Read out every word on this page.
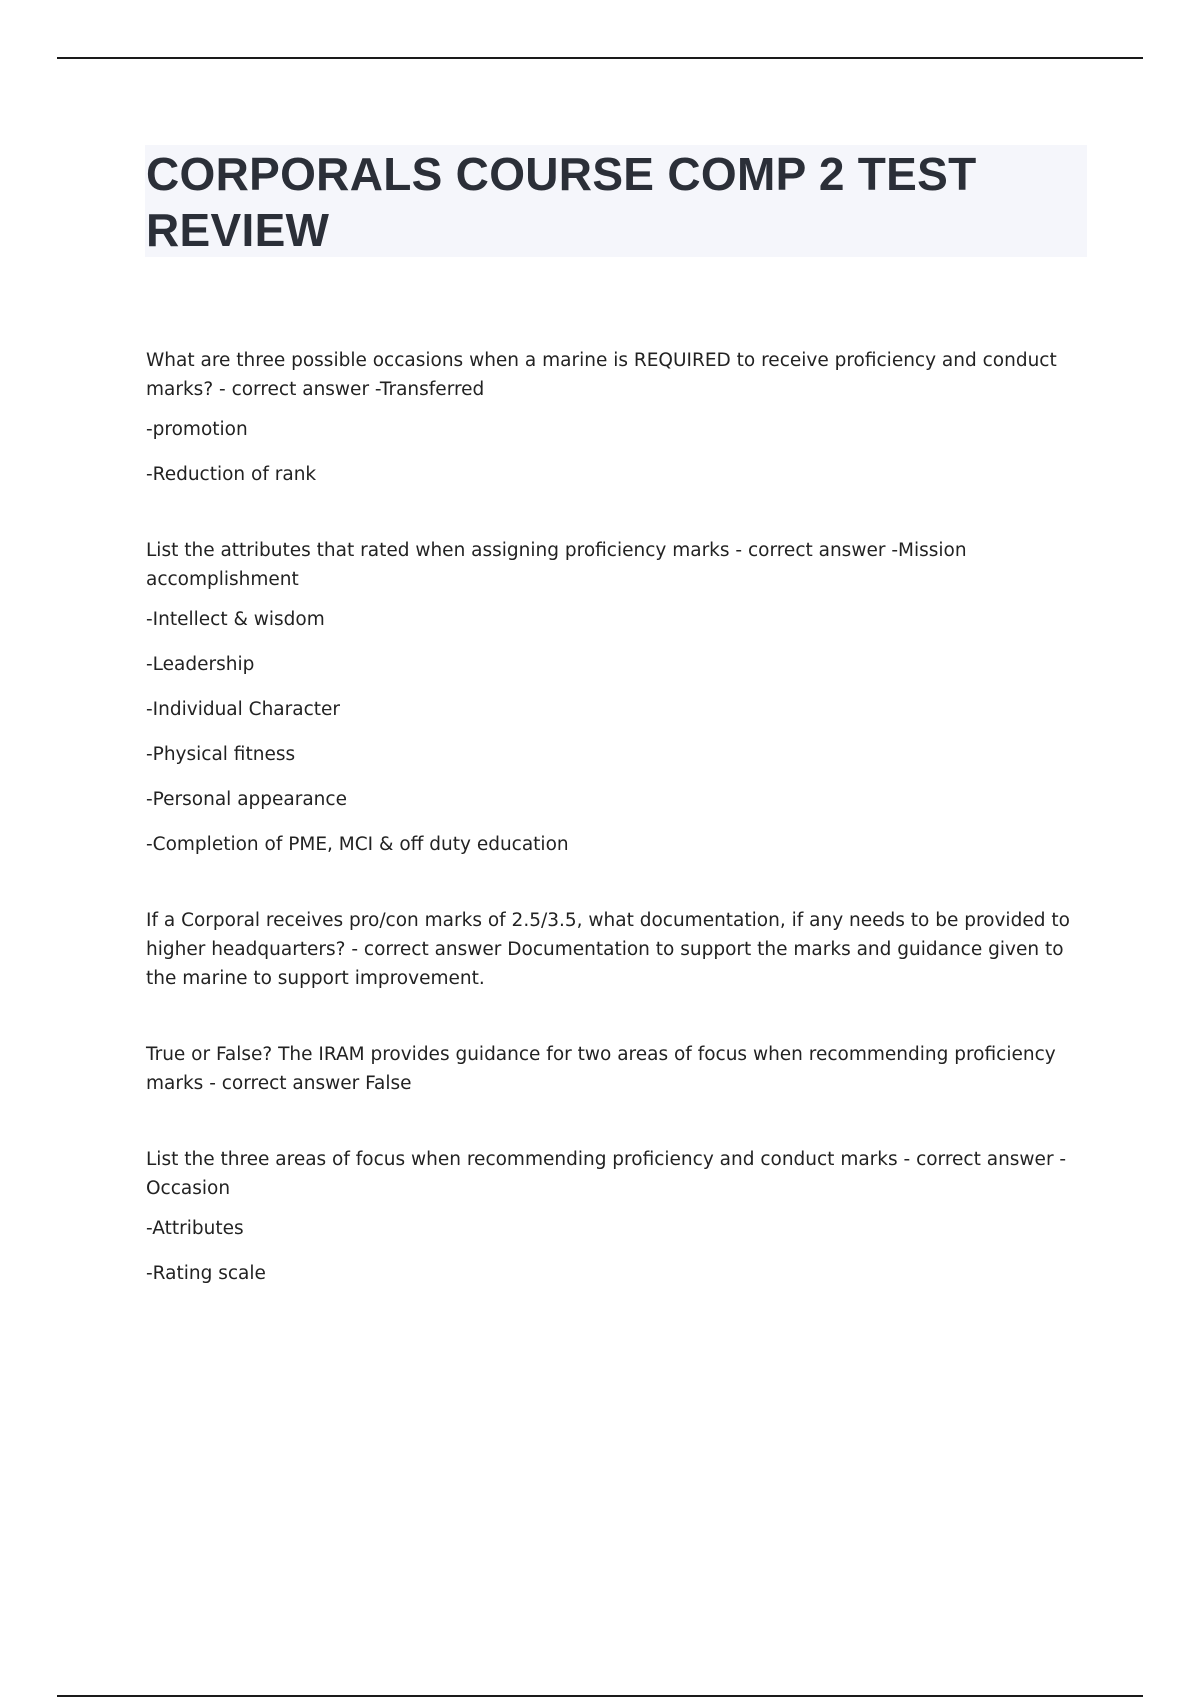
CORPORALS COURSE COMP 2 TEST REVIEW

What are three possible occasions when a marine is REQUIRED to receive proficiency and conduct marks? - correct answer -Transferred

-promotion

-Reduction of rank

List the attributes that rated when assigning proficiency marks - correct answer -Mission accomplishment

-Intellect & wisdom

-Leadership

-Individual Character

-Physical fitness

-Personal appearance

-Completion of PME, MCI & off duty education

If a Corporal receives pro/con marks of 2.5/3.5, what documentation, if any needs to be provided to higher headquarters? - correct answer Documentation to support the marks and guidance given to the marine to support improvement.

True or False? The IRAM provides guidance for two areas of focus when recommending proficiency marks - correct answer False

List the three areas of focus when recommending proficiency and conduct marks - correct answer - Occasion

-Attributes

-Rating scale
